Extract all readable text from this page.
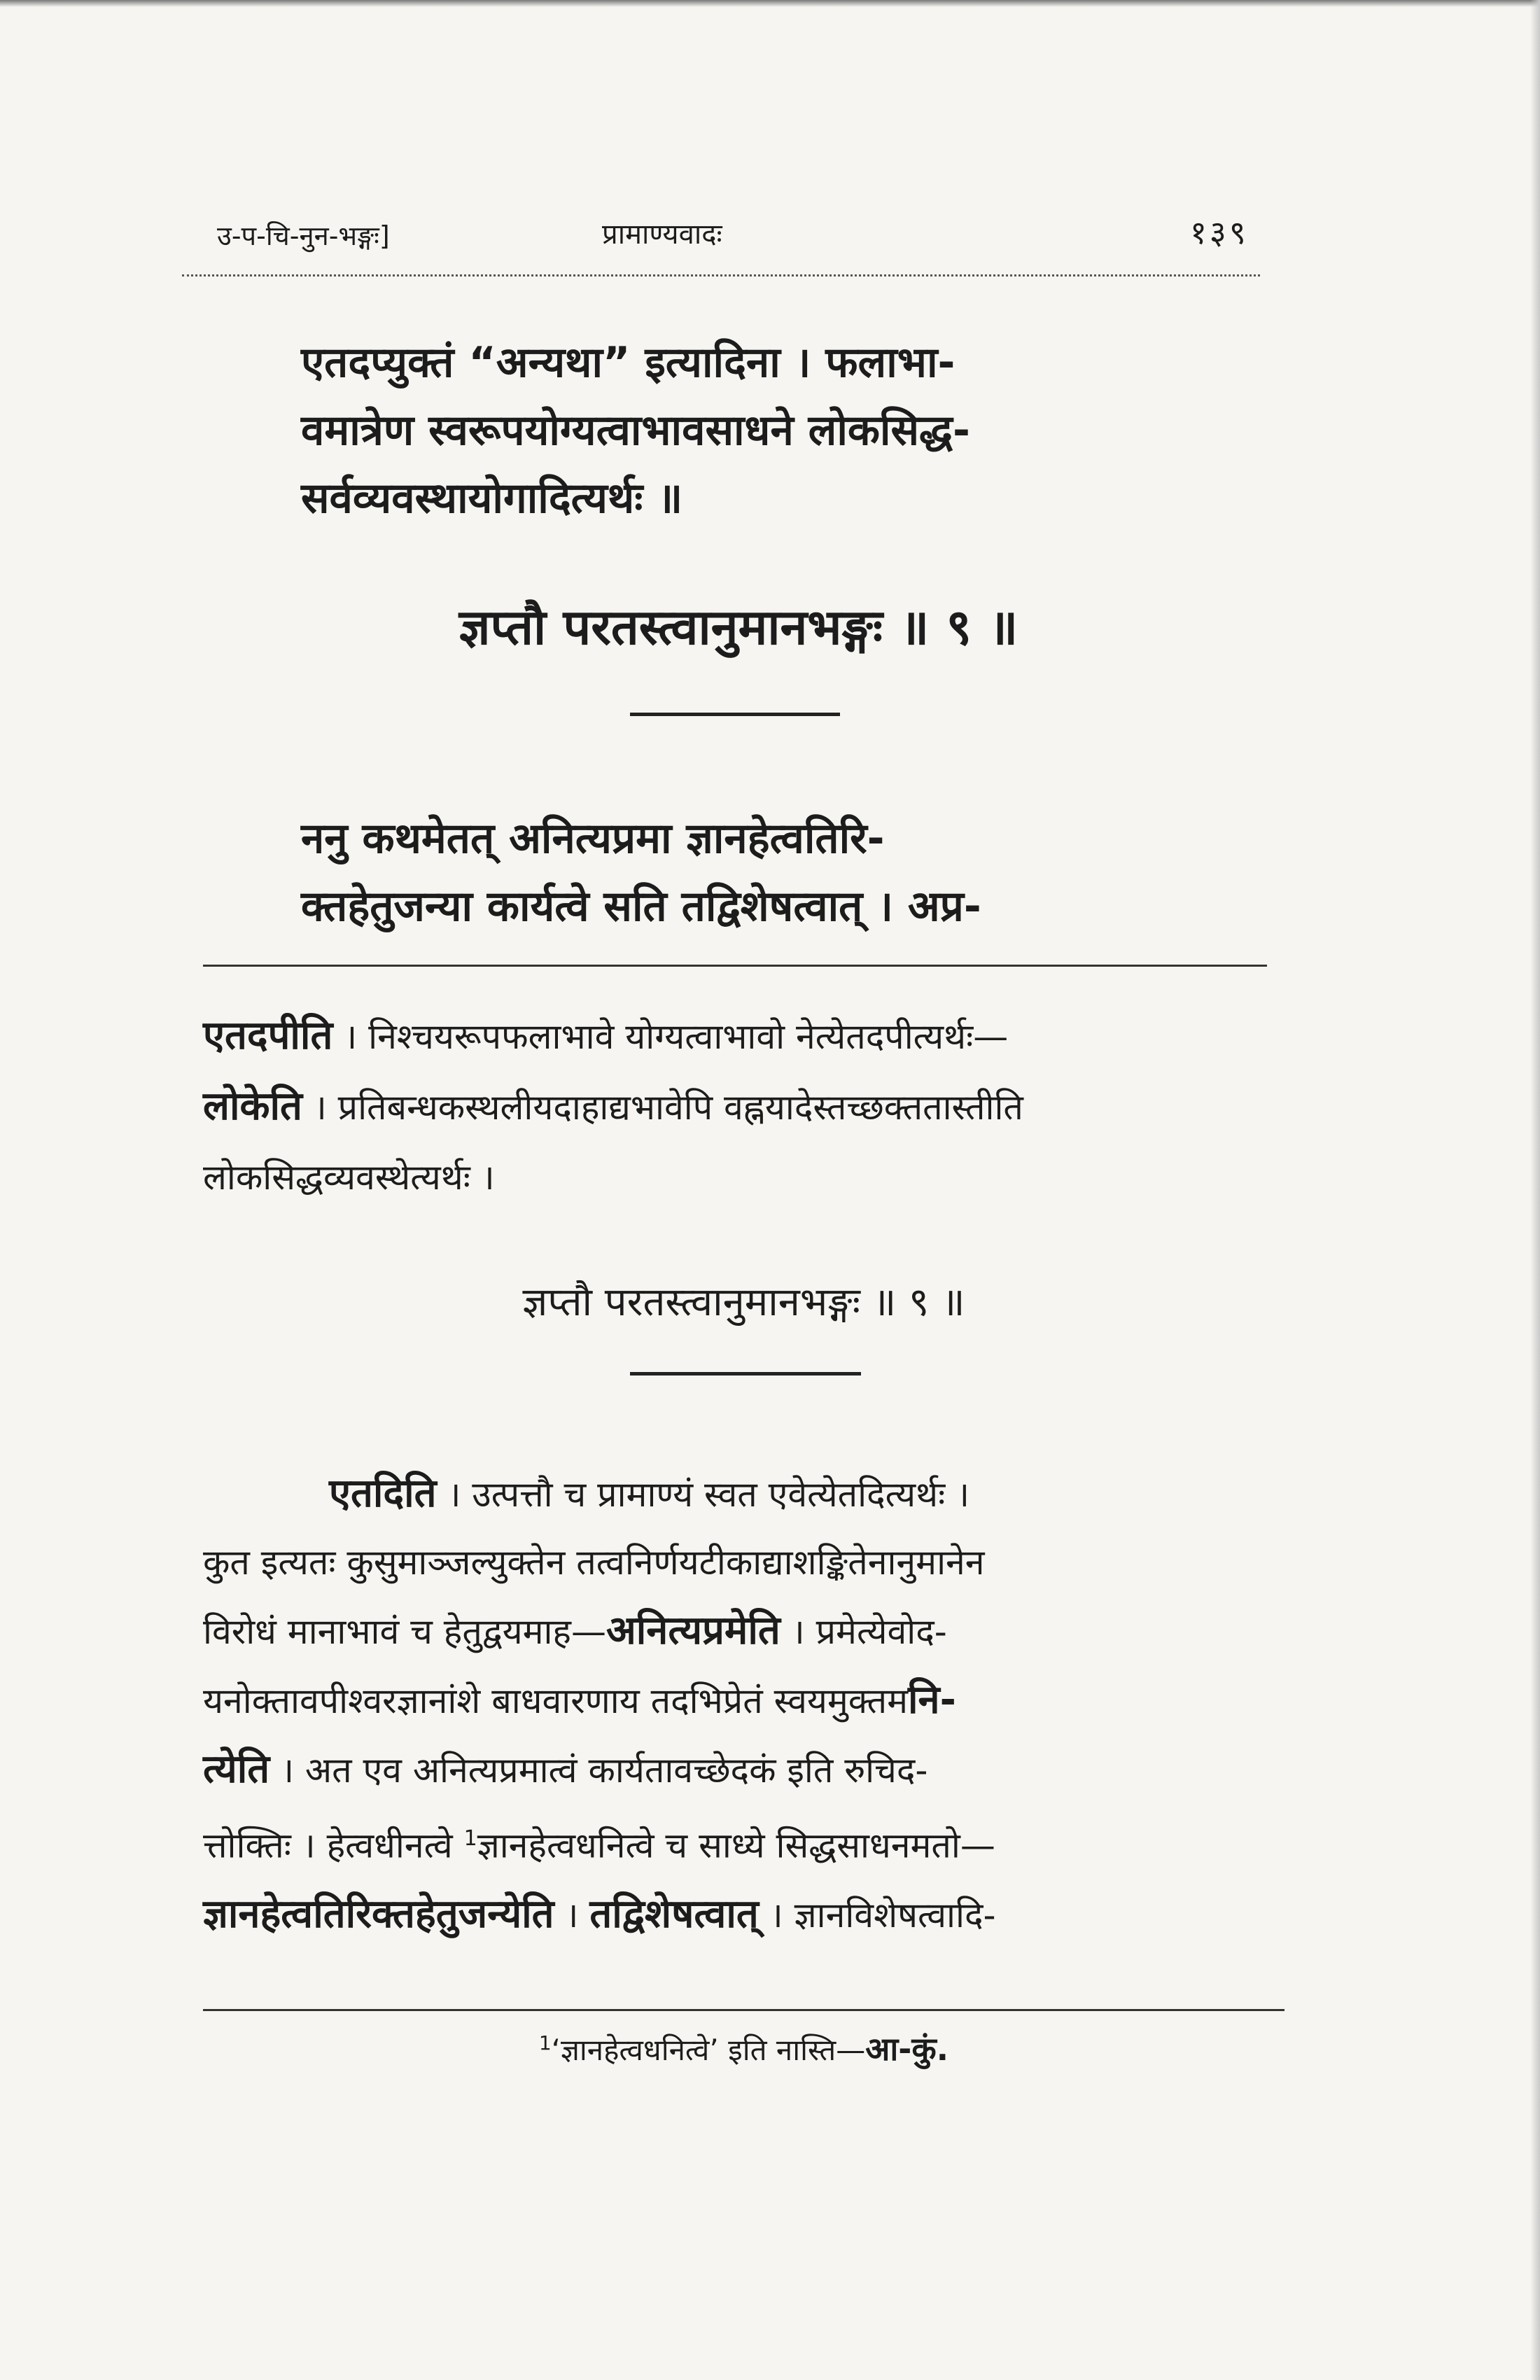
उ-प-चि-नुन-भङ्गः]	प्रामाण्यवादः	१३९
एतदप्युक्तं “अन्यथा” इत्यादिना । फलाभा-
वमात्रेण स्वरूपयोग्यत्वाभावसाधने लोकसिद्ध-
सर्वव्यवस्थायोगादित्यर्थः ॥
ज्ञप्तौ परतस्त्वानुमानभङ्गः ॥ ९ ॥
ननु कथमेतत् अनित्यप्रमा ज्ञानहेत्वतिरि-
क्तहेतुजन्या कार्यत्वे सति तद्विशेषत्वात् । अप्र-
एतदपीति । निश्चयरूपफलाभावे योग्यत्वाभावो नेत्येतदपीत्यर्थः—
लोकेति । प्रतिबन्धकस्थलीयदाहाद्यभावेपि वह्नयादेस्तच्छक्ततास्तीति
लोकसिद्धव्यवस्थेत्यर्थः ।
ज्ञप्तौ परतस्त्वानुमानभङ्गः ॥ ९ ॥
एतदिति । उत्पत्तौ च प्रामाण्यं स्वत एवेत्येतदित्यर्थः ।
कुत इत्यतः कुसुमाञ्जल्युक्तेन तत्वनिर्णयटीकाद्याशङ्कितेनानुमानेन
विरोधं मानाभावं च हेतुद्वयमाह—अनित्यप्रमेति । प्रमेत्येवोद-
यनोक्तावपीश्वरज्ञानांशे बाधवारणाय तदभिप्रेतं स्वयमुक्तमनि-
त्येति । अत एव अनित्यप्रमात्वं कार्यतावच्छेदकं इति रुचिद-
त्तोक्तिः । हेत्वधीनत्वे $^1$ज्ञानहेत्वधनित्वे च साध्ये सिद्धसाधनमतो—
ज्ञानहेत्वतिरिक्तहेतुजन्येति । तद्विशेषत्वात् । ज्ञानविशेषत्वादि-
$^1$‘ज्ञानहेत्वधनित्वे’ इति नास्ति—आ-कुं.
